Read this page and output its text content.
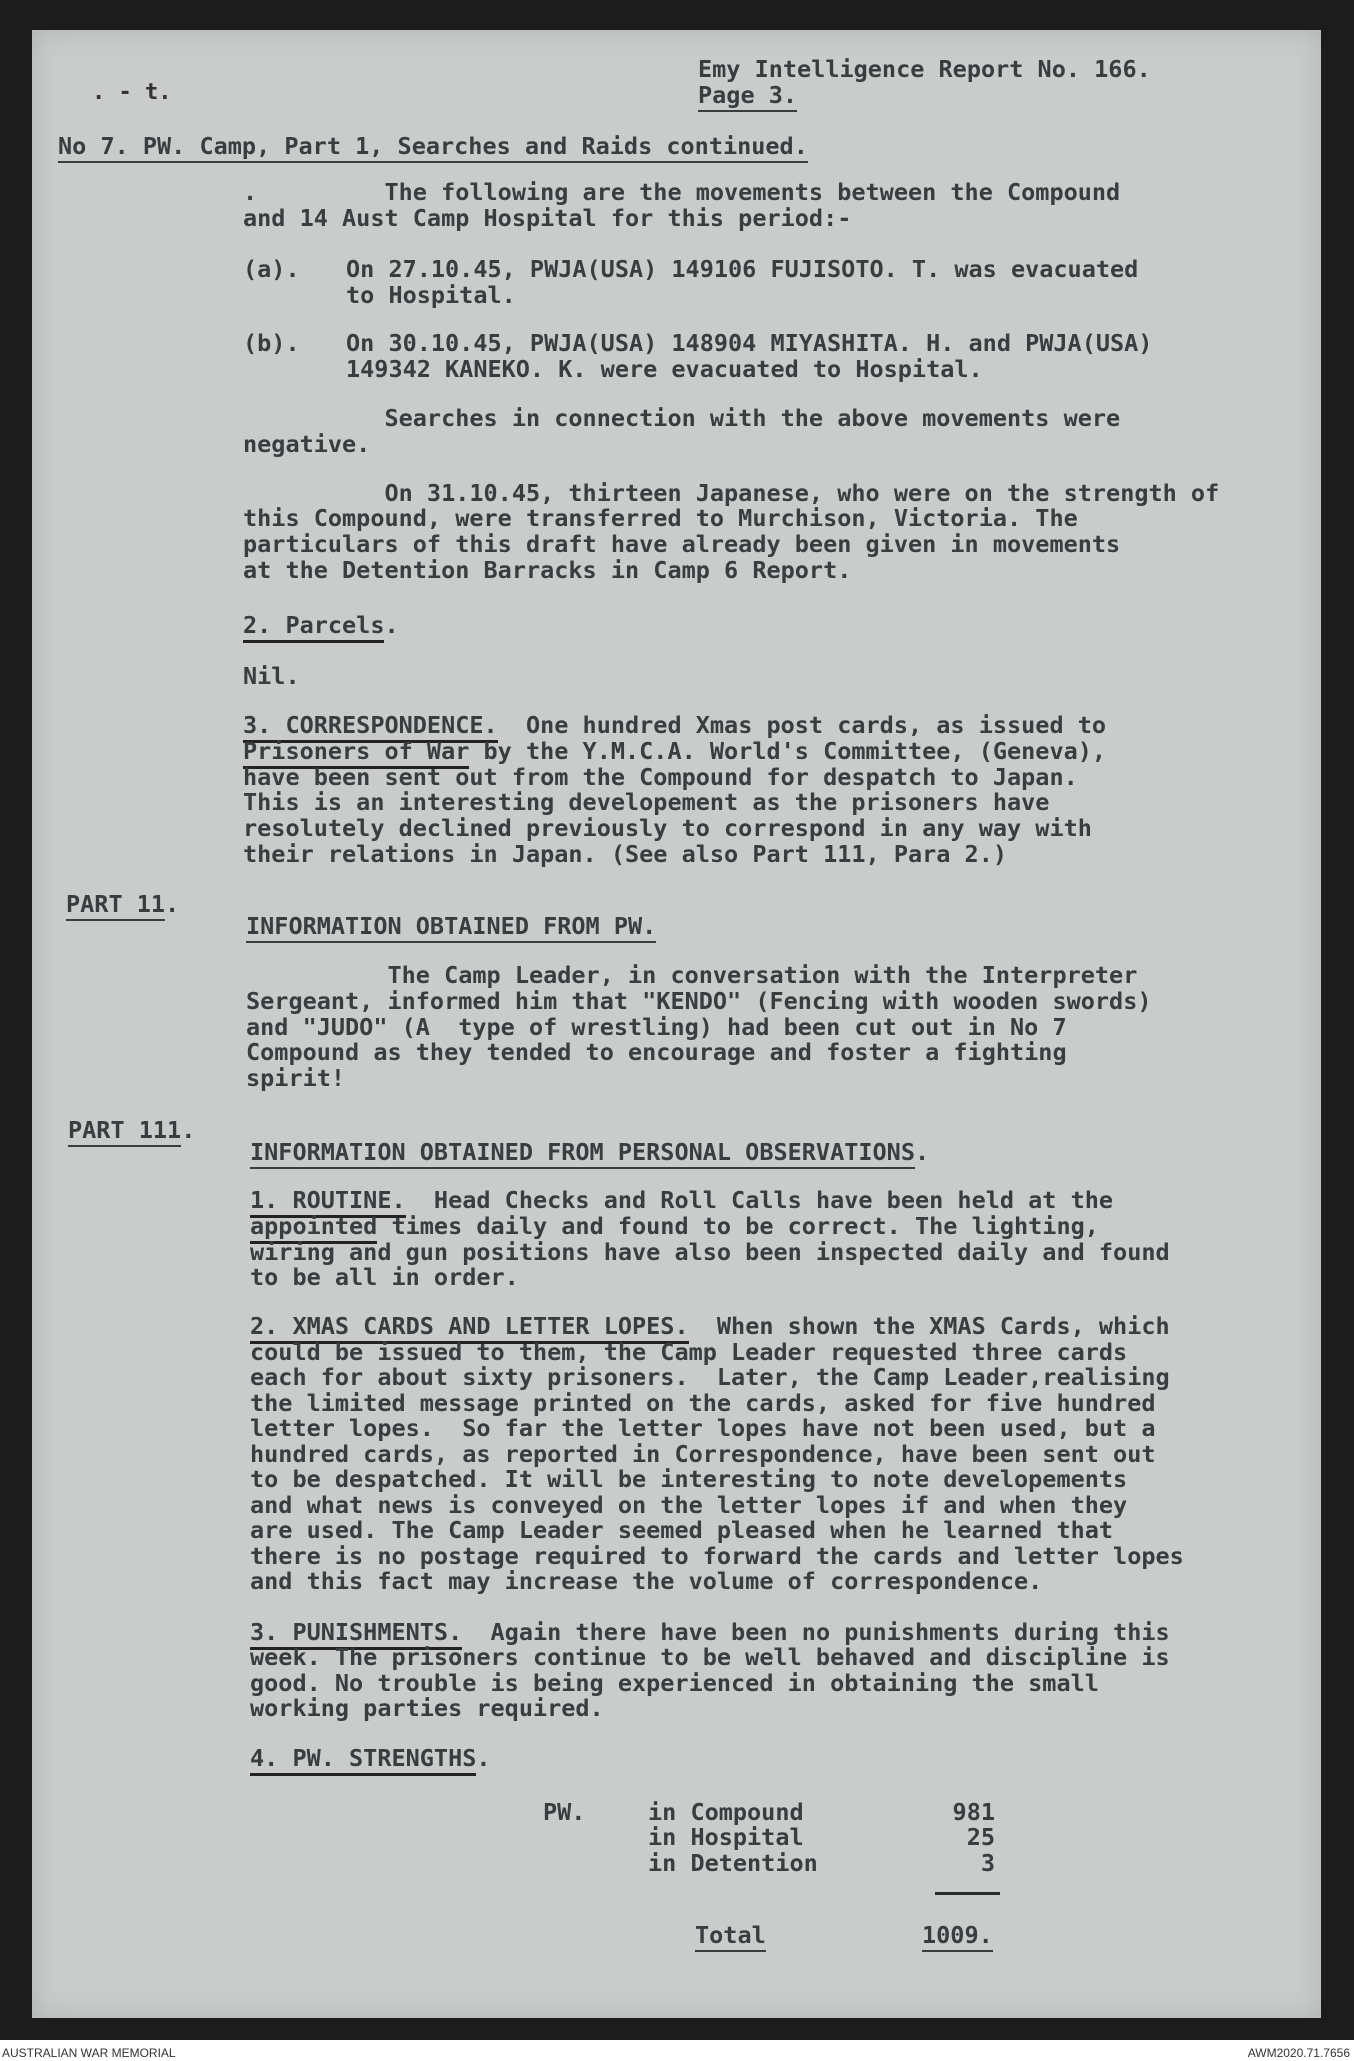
. - t.
Emy Intelligence Report No. 166.
Page 3.
No 7. PW. Camp, Part 1, Searches and Raids continued.
.         The following are the movements between the Compound
and 14 Aust Camp Hospital for this period:-
(a). On 27.10.45, PWJA(USA) 149106 FUJISOTO. T. was evacuated
to Hospital.
(b). On 30.10.45, PWJA(USA) 148904 MIYASHITA. H. and PWJA(USA)
149342 KANEKO. K. were evacuated to Hospital.
Searches in connection with the above movements were
negative.
On 31.10.45, thirteen Japanese, who were on the strength of
this Compound, were transferred to Murchison, Victoria. The
particulars of this draft have already been given in movements
at the Detention Barracks in Camp 6 Report.
2. Parcels.
Nil.
3. CORRESPONDENCE.  One hundred Xmas post cards, as issued to
Prisoners of War by the Y.M.C.A. World's Committee, (Geneva),
have been sent out from the Compound for despatch to Japan.
This is an interesting developement as the prisoners have
resolutely declined previously to correspond in any way with
their relations in Japan. (See also Part 111, Para 2.)
PART 11.
INFORMATION OBTAINED FROM PW.
The Camp Leader, in conversation with the Interpreter
Sergeant, informed him that "KENDO" (Fencing with wooden swords)
and "JUDO" (A  type of wrestling) had been cut out in No 7
Compound as they tended to encourage and foster a fighting
spirit!
PART 111.
INFORMATION OBTAINED FROM PERSONAL OBSERVATIONS.
1. ROUTINE.  Head Checks and Roll Calls have been held at the
appointed times daily and found to be correct. The lighting,
wiring and gun positions have also been inspected daily and found
to be all in order.
2. XMAS CARDS AND LETTER LOPES.  When shown the XMAS Cards, which
could be issued to them, the Camp Leader requested three cards
each for about sixty prisoners.  Later, the Camp Leader,realising
the limited message printed on the cards, asked for five hundred
letter lopes.  So far the letter lopes have not been used, but a
hundred cards, as reported in Correspondence, have been sent out
to be despatched. It will be interesting to note developements
and what news is conveyed on the letter lopes if and when they
are used. The Camp Leader seemed pleased when he learned that
there is no postage required to forward the cards and letter lopes
and this fact may increase the volume of correspondence.
3. PUNISHMENTS.  Again there have been no punishments during this
week. The prisoners continue to be well behaved and discipline is
good. No trouble is being experienced in obtaining the small
working parties required.
4. PW. STRENGTHS.
PW.	in Compound	981
in Hospital	25
in Detention	3
Total	1009.
AUSTRALIAN WAR MEMORIAL	AWM2020.71.7656
